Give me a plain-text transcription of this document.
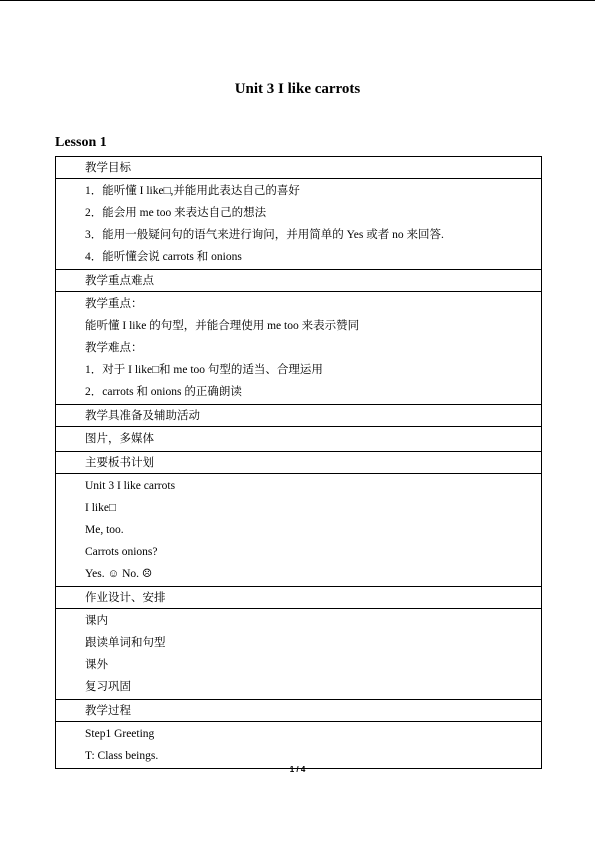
Unit 3 I like carrots
Lesson 1
教学目标
1．能听懂 I like□,并能用此表达自己的喜好
2．能会用 me too 来表达自己的想法
3．能用一般疑问句的语气来进行询问，并用简单的 Yes 或者 no 来回答.
4．能听懂会说 carrots 和 onions
教学重点难点
教学重点：
能听懂 I like 的句型，并能合理使用 me too 来表示赞同
教学难点：
1．对于 I like□和 me too 句型的适当、合理运用
2．carrots 和 onions 的正确朗读
教学具准备及辅助活动
图片，多媒体
主要板书计划
Unit 3 I like carrots
I like□
Me, too.
Carrots onions?
Yes. ☺ No. ☹
作业设计、安排
课内
跟读单词和句型
课外
复习巩固
教学过程
Step1 Greeting
T: Class beings.
1 / 4
